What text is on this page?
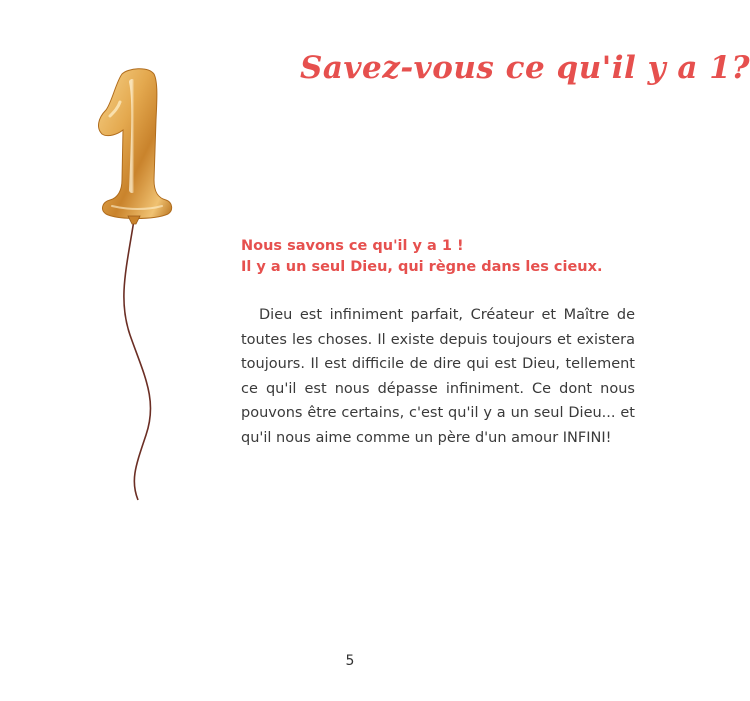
Savez-vous ce qu'il y a 1?

Nous savons ce qu'il y a 1 !
Il y a un seul Dieu, qui règne dans les cieux.

Dieu est infiniment parfait, Créateur et Maître de toutes les choses. Il existe depuis toujours et existera toujours. Il est difficile de dire qui est Dieu, tellement ce qu'il est nous dépasse infiniment. Ce dont nous pouvons être certains, c'est qu'il y a un seul Dieu... et qu'il nous aime comme un père d'un amour INFINI!

5
